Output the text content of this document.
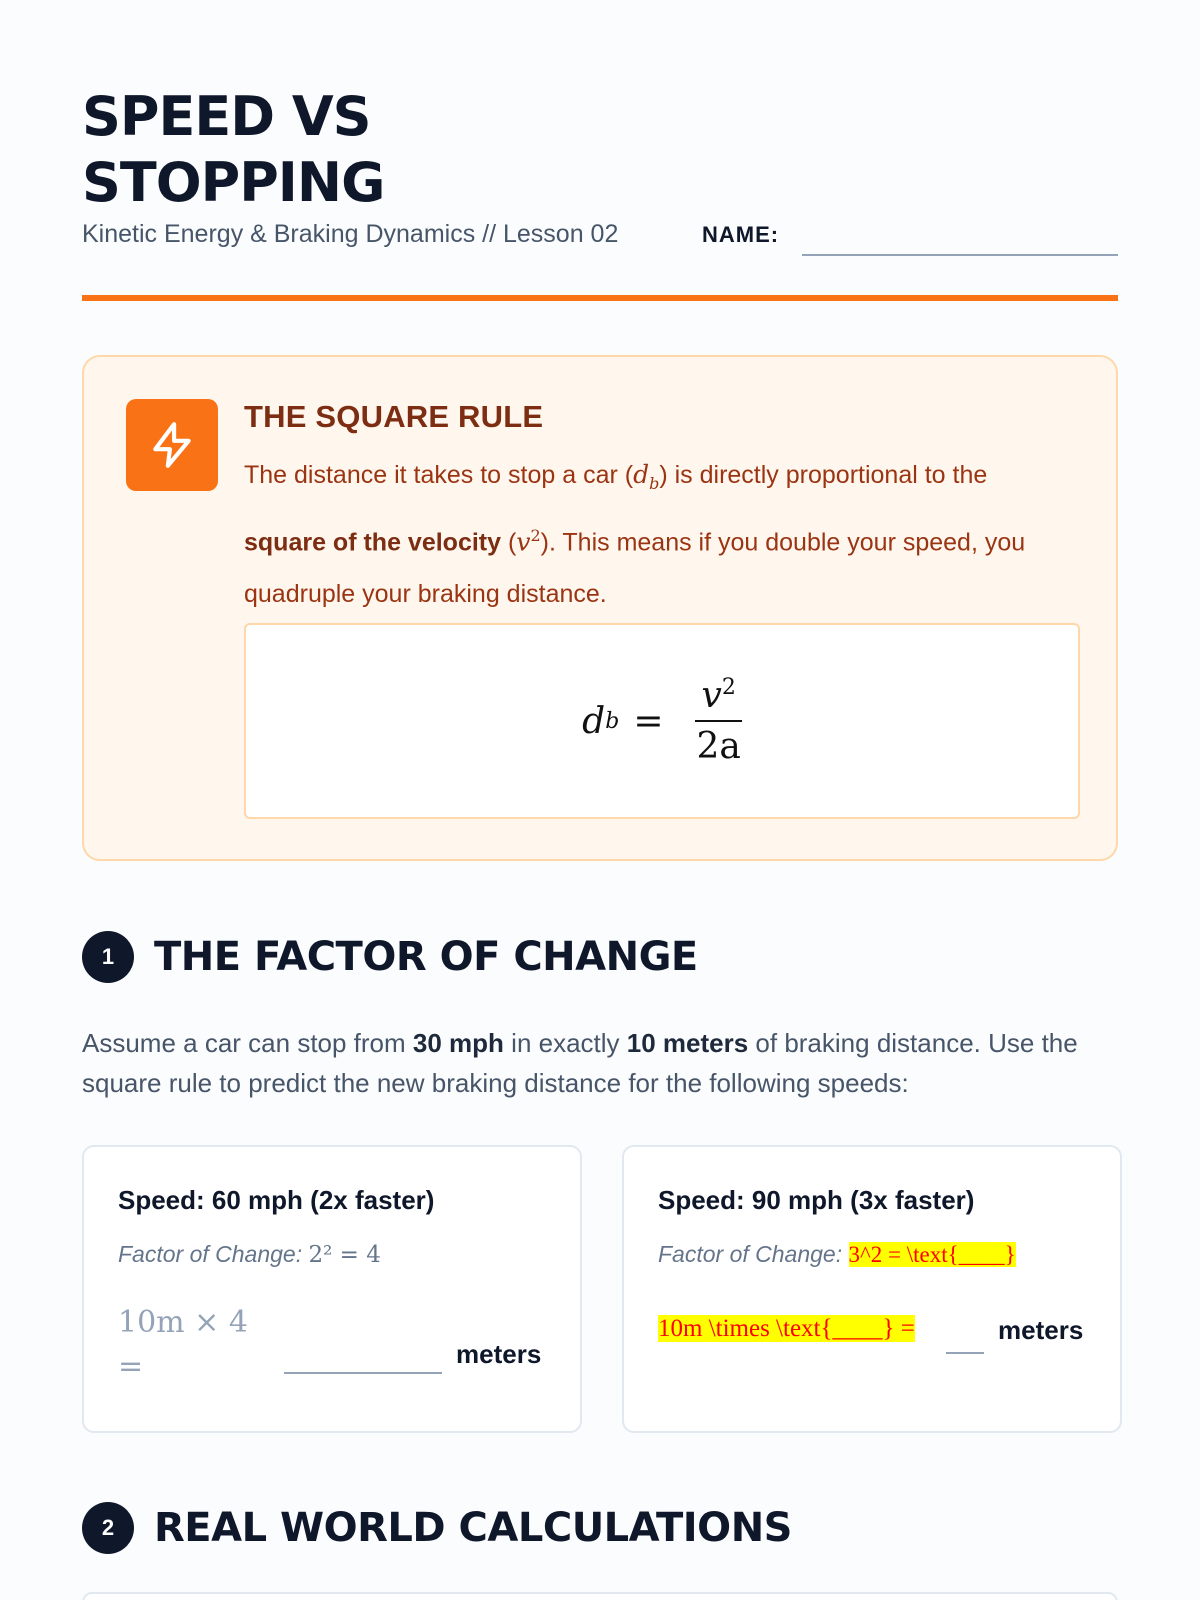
SPEED VS STOPPING
Kinetic Energy & Braking Dynamics // Lesson 02	NAME:
THE SQUARE RULE
The distance it takes to stop a car $(d_b)$ is directly proportional to the square of the velocity $(v^2)$. This means if you double your speed, you quadruple your braking distance.
d $b = \frac{v^2}{2a}$
1 THE FACTOR OF CHANGE

Assume a car can stop from 30 mph in exactly 10 meters of braking distance. Use the square rule to predict the new braking distance for the following speeds:

Speed: 60 mph (2x faster)
Factor of Change: 2² = 4
10m × 4
=	meters
Speed: 90 mph (3x faster)
Factor of Change: 3^2 = \text{____}
10m \times \text{____} =	meters
2 REAL WORLD CALCULATIONS
